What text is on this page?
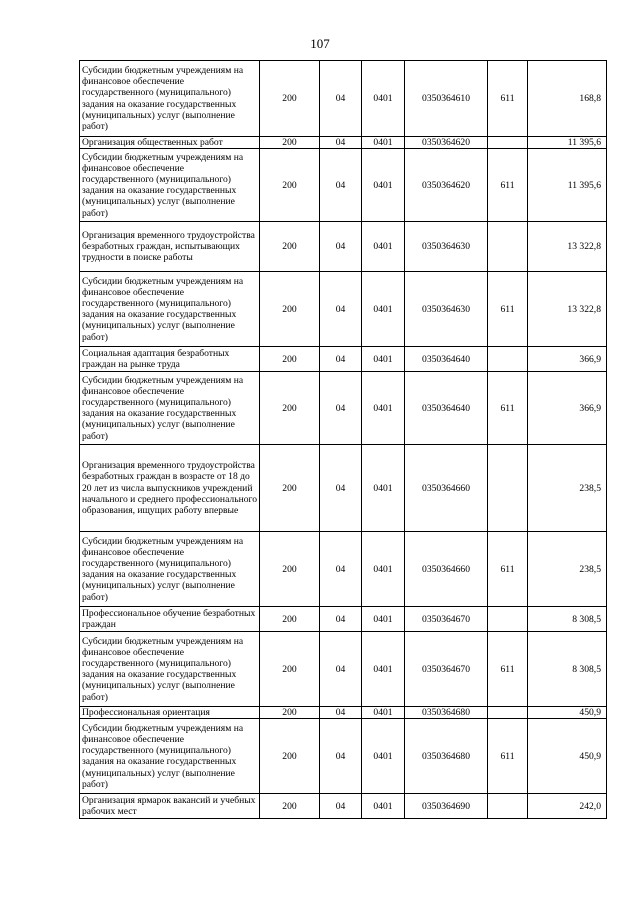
107
Субсидии бюджетным учреждениям на финансовое обеспечение государственного (муниципального) задания на оказание государственных (муниципальных) услуг (выполнение работ)	200	04	0401	0350364610	611	168,8
Организация общественных работ	200	04	0401	0350364620		11 395,6
Субсидии бюджетным учреждениям на финансовое обеспечение государственного (муниципального) задания на оказание государственных (муниципальных) услуг (выполнение работ)	200	04	0401	0350364620	611	11 395,6
Организация временного трудоустройства безработных граждан, испытывающих трудности в поиске работы	200	04	0401	0350364630		13 322,8
Субсидии бюджетным учреждениям на финансовое обеспечение государственного (муниципального) задания на оказание государственных (муниципальных) услуг (выполнение работ)	200	04	0401	0350364630	611	13 322,8
Социальная адаптация безработных граждан на рынке труда	200	04	0401	0350364640		366,9
Субсидии бюджетным учреждениям на финансовое обеспечение государственного (муниципального) задания на оказание государственных (муниципальных) услуг (выполнение работ)	200	04	0401	0350364640	611	366,9
Организация временного трудоустройства безработных граждан в возрасте от 18 до 20 лет из числа выпускников учреждений начального и среднего профессионального образования, ищущих работу впервые	200	04	0401	0350364660		238,5
Субсидии бюджетным учреждениям на финансовое обеспечение государственного (муниципального) задания на оказание государственных (муниципальных) услуг (выполнение работ)	200	04	0401	0350364660	611	238,5
Профессиональное обучение безработных граждан	200	04	0401	0350364670		8 308,5
Субсидии бюджетным учреждениям на финансовое обеспечение государственного (муниципального) задания на оказание государственных (муниципальных) услуг (выполнение работ)	200	04	0401	0350364670	611	8 308,5
Профессиональная ориентация	200	04	0401	0350364680		450,9
Субсидии бюджетным учреждениям на финансовое обеспечение государственного (муниципального) задания на оказание государственных (муниципальных) услуг (выполнение работ)	200	04	0401	0350364680	611	450,9
Организация ярмарок вакансий и учебных рабочих мест	200	04	0401	0350364690		242,0
